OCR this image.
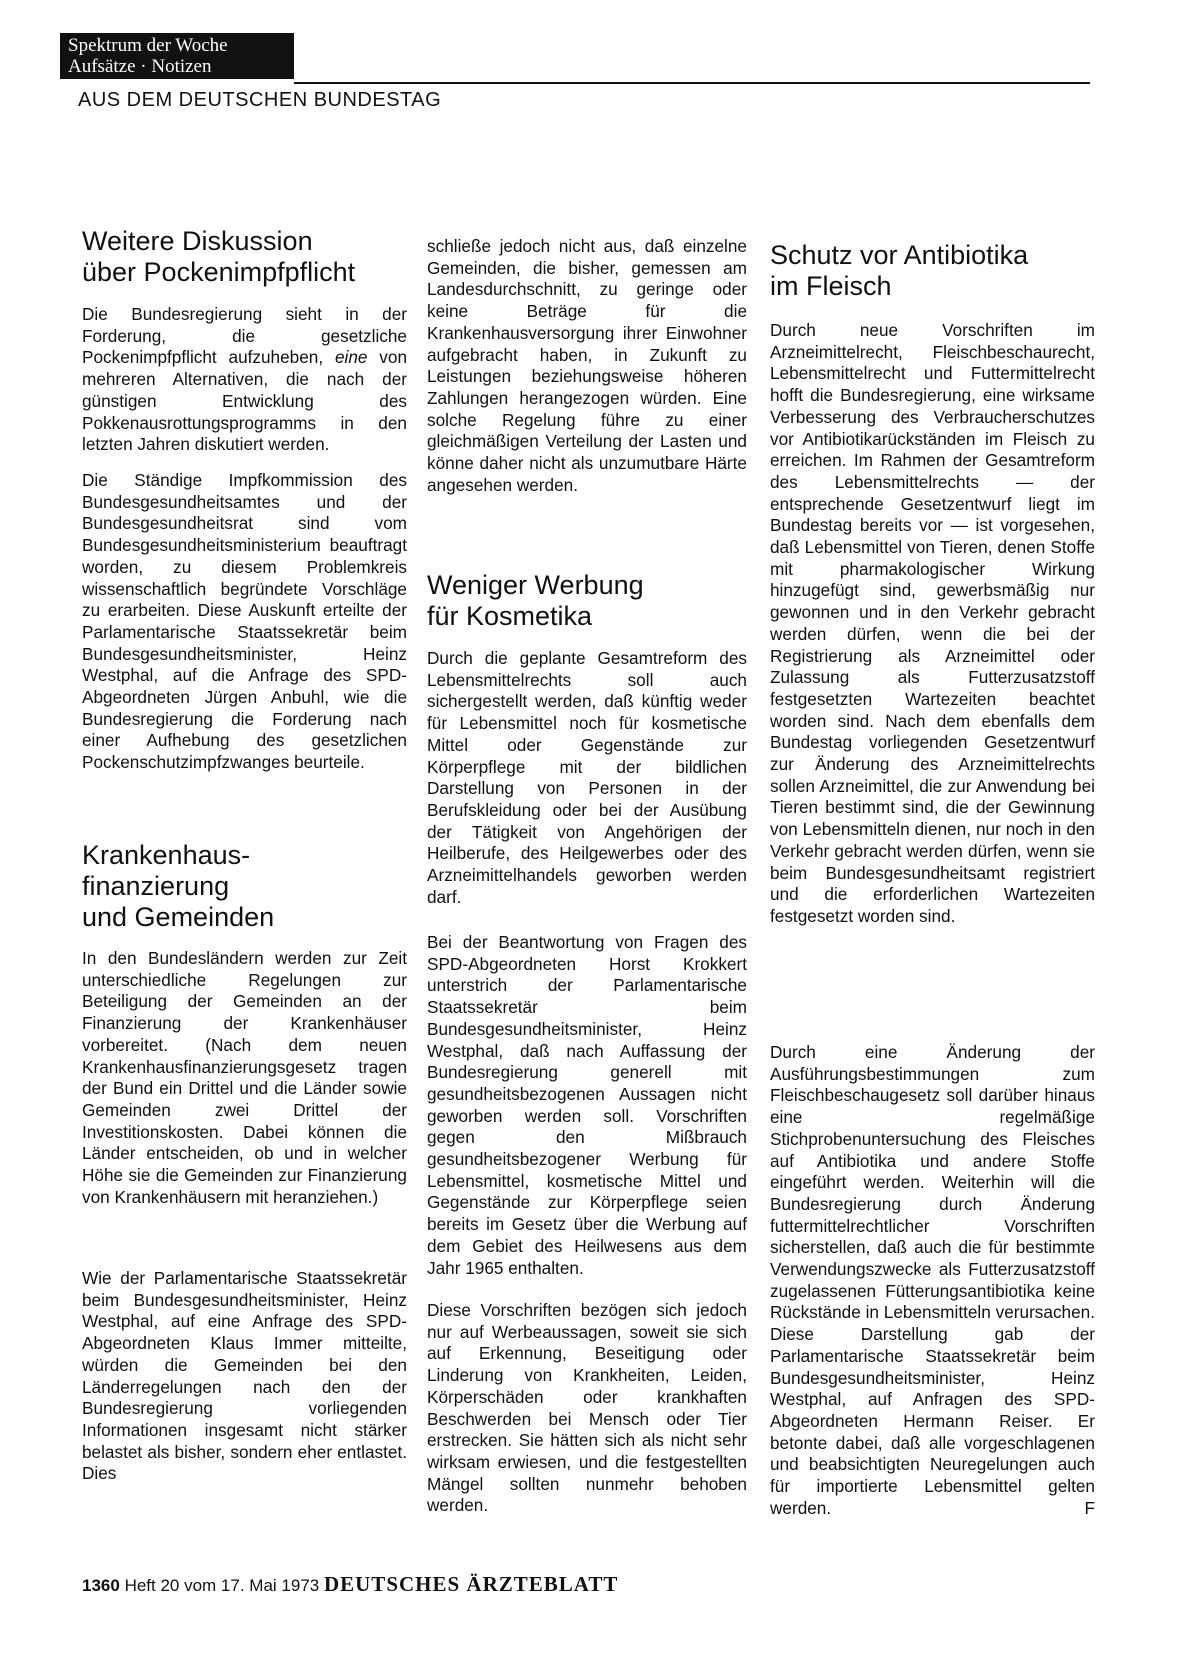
Spektrum der Woche
Aufsätze · Notizen
AUS DEM DEUTSCHEN BUNDESTAG
Weitere Diskussion
über Pockenimpfpflicht

Die Bundesregierung sieht in der Forderung, die gesetzliche Pockenimpfpflicht aufzuheben, eine von mehreren Alternativen, die nach der günstigen Entwicklung des Pokkenausrottungsprogramms in den letzten Jahren diskutiert werden.

Die Ständige Impfkommission des Bundesgesundheitsamtes und der Bundesgesundheitsrat sind vom Bundesgesundheitsministerium beauftragt worden, zu diesem Problemkreis wissenschaftlich begründete Vorschläge zu erarbeiten. Diese Auskunft erteilte der Parlamentarische Staatssekretär beim Bundesgesundheitsminister, Heinz Westphal, auf die Anfrage des SPD-Abgeordneten Jürgen Anbuhl, wie die Bundesregierung die Forderung nach einer Aufhebung des gesetzlichen Pockenschutzimpfzwanges beurteile.

Krankenhaus-
finanzierung
und Gemeinden

In den Bundesländern werden zur Zeit unterschiedliche Regelungen zur Beteiligung der Gemeinden an der Finanzierung der Krankenhäuser vorbereitet. (Nach dem neuen Krankenhausfinanzierungsgesetz tragen der Bund ein Drittel und die Länder sowie Gemeinden zwei Drittel der Investitionskosten. Dabei können die Länder entscheiden, ob und in welcher Höhe sie die Gemeinden zur Finanzierung von Krankenhäusern mit heranziehen.)

Wie der Parlamentarische Staatssekretär beim Bundesgesundheitsminister, Heinz Westphal, auf eine Anfrage des SPD-Abgeordneten Klaus Immer mitteilte, würden die Gemeinden bei den Länderregelungen nach den der Bundesregierung vorliegenden Informationen insgesamt nicht stärker belastet als bisher, sondern eher entlastet. Dies

schließe jedoch nicht aus, daß einzelne Gemeinden, die bisher, gemessen am Landesdurchschnitt, zu geringe oder keine Beträge für die Krankenhausversorgung ihrer Einwohner aufgebracht haben, in Zukunft zu Leistungen beziehungsweise höheren Zahlungen herangezogen würden. Eine solche Regelung führe zu einer gleichmäßigen Verteilung der Lasten und könne daher nicht als unzumutbare Härte angesehen werden.

Weniger Werbung
für Kosmetika

Durch die geplante Gesamtreform des Lebensmittelrechts soll auch sichergestellt werden, daß künftig weder für Lebensmittel noch für kosmetische Mittel oder Gegenstände zur Körperpflege mit der bildlichen Darstellung von Personen in der Berufskleidung oder bei der Ausübung der Tätigkeit von Angehörigen der Heilberufe, des Heilgewerbes oder des Arzneimittelhandels geworben werden darf.

Bei der Beantwortung von Fragen des SPD-Abgeordneten Horst Krokkert unterstrich der Parlamentarische Staatssekretär beim Bundesgesundheitsminister, Heinz Westphal, daß nach Auffassung der Bundesregierung generell mit gesundheitsbezogenen Aussagen nicht geworben werden soll. Vorschriften gegen den Mißbrauch gesundheitsbezogener Werbung für Lebensmittel, kosmetische Mittel und Gegenstände zur Körperpflege seien bereits im Gesetz über die Werbung auf dem Gebiet des Heilwesens aus dem Jahr 1965 enthalten.

Diese Vorschriften bezögen sich jedoch nur auf Werbeaussagen, soweit sie sich auf Erkennung, Beseitigung oder Linderung von Krankheiten, Leiden, Körperschäden oder krankhaften Beschwerden bei Mensch oder Tier erstrecken. Sie hätten sich als nicht sehr wirksam erwiesen, und die festgestellten Mängel sollten nunmehr behoben werden.

Schutz vor Antibiotika
im Fleisch

Durch neue Vorschriften im Arzneimittelrecht, Fleischbeschaurecht, Lebensmittelrecht und Futtermittelrecht hofft die Bundesregierung, eine wirksame Verbesserung des Verbraucherschutzes vor Antibiotikarückständen im Fleisch zu erreichen. Im Rahmen der Gesamtreform des Lebensmittelrechts — der entsprechende Gesetzentwurf liegt im Bundestag bereits vor — ist vorgesehen, daß Lebensmittel von Tieren, denen Stoffe mit pharmakologischer Wirkung hinzugefügt sind, gewerbsmäßig nur gewonnen und in den Verkehr gebracht werden dürfen, wenn die bei der Registrierung als Arzneimittel oder Zulassung als Futterzusatzstoff festgesetzten Wartezeiten beachtet worden sind. Nach dem ebenfalls dem Bundestag vorliegenden Gesetzentwurf zur Änderung des Arzneimittelrechts sollen Arzneimittel, die zur Anwendung bei Tieren bestimmt sind, die der Gewinnung von Lebensmitteln dienen, nur noch in den Verkehr gebracht werden dürfen, wenn sie beim Bundesgesundheitsamt registriert und die erforderlichen Wartezeiten festgesetzt worden sind.

Durch eine Änderung der Ausführungsbestimmungen zum Fleischbeschaugesetz soll darüber hinaus eine regelmäßige Stichprobenuntersuchung des Fleisches auf Antibiotika und andere Stoffe eingeführt werden. Weiterhin will die Bundesregierung durch Änderung futtermittelrechtlicher Vorschriften sicherstellen, daß auch die für bestimmte Verwendungszwecke als Futterzusatzstoff zugelassenen Fütterungsantibiotika keine Rückstände in Lebensmitteln verursachen. Diese Darstellung gab der Parlamentarische Staatssekretär beim Bundesgesundheitsminister, Heinz Westphal, auf Anfragen des SPD-Abgeordneten Hermann Reiser. Er betonte dabei, daß alle vorgeschlagenen und beabsichtigten Neuregelungen auch für importierte Lebensmittel gelten werden.	F

1360 Heft 20 vom 17. Mai 1973 DEUTSCHES ÄRZTEBLATT
